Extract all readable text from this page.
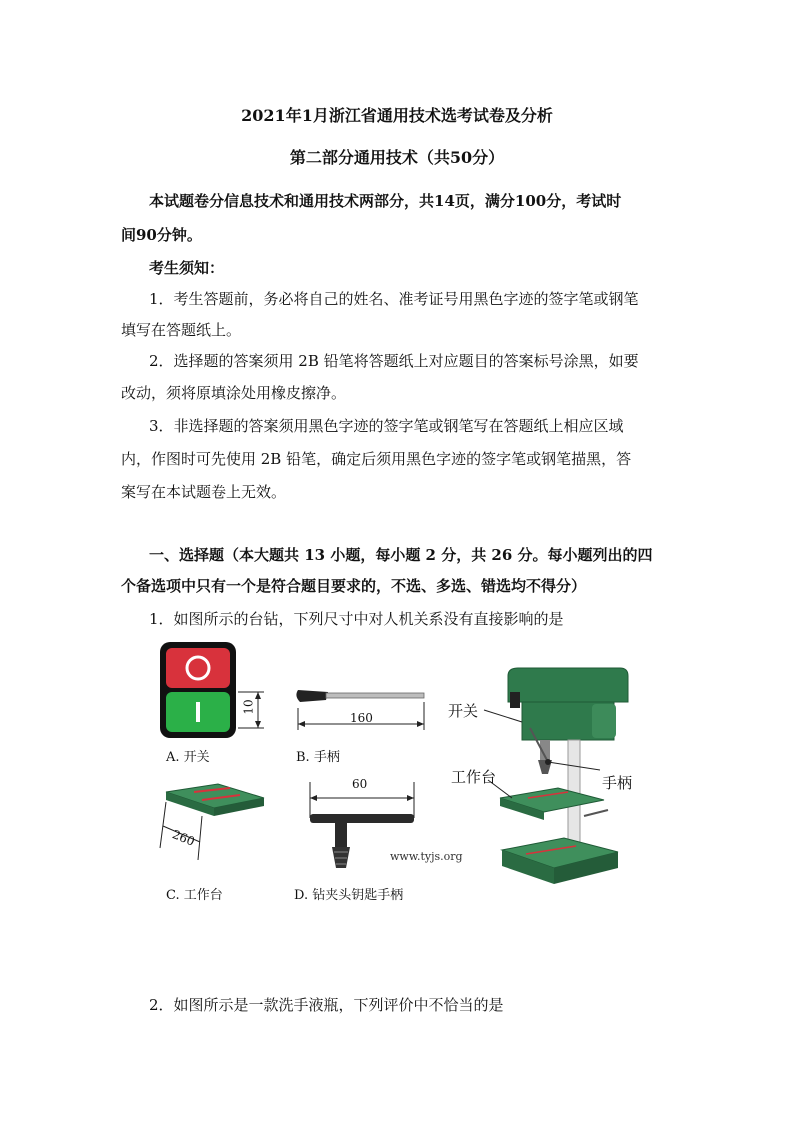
2021年1月浙江省通用技术选考试卷及分析
第二部分通用技术（共50分）
本试题卷分信息技术和通用技术两部分，共14页，满分100分，考试时
间90分钟。
考生须知：
1．考生答题前，务必将自己的姓名、准考证号用黑色字迹的签字笔或钢笔
填写在答题纸上。
2．选择题的答案须用 2B 铅笔将答题纸上对应题目的答案标号涂黑，如要
改动，须将原填涂处用橡皮擦净。
3．非选择题的答案须用黑色字迹的签字笔或钢笔写在答题纸上相应区域
内，作图时可先使用 2B 铅笔，确定后须用黑色字迹的签字笔或钢笔描黑，答
案写在本试题卷上无效。
一、选择题（本大题共 13 小题，每小题 2 分，共 26 分。每小题列出的四
个备选项中只有一个是符合题目要求的，不选、多选、错选均不得分）
1．如图所示的台钻，下列尺寸中对人机关系没有直接影响的是
10
A. 开关
160
B. 手柄
260
C. 工作台
60
www.tyjs.org
D. 钻夹头钥匙手柄
开关
工作台	手柄
2．如图所示是一款洗手液瓶，下列评价中不恰当的是
